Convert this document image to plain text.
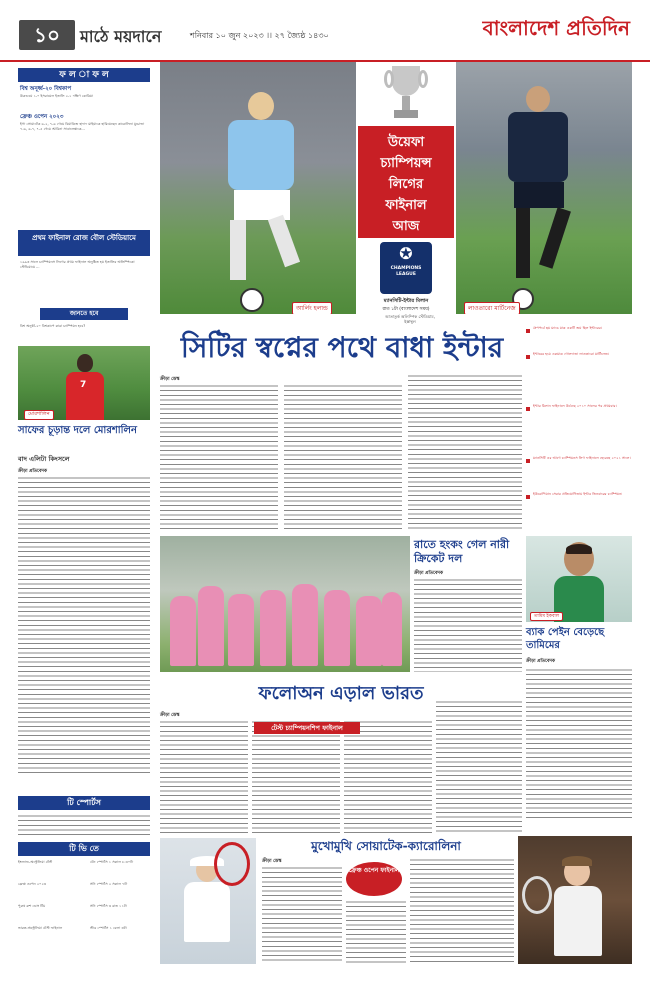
১০	মাঠে ময়দানে	শনিবার ১০ জুন ২০২৩ ।। ২৭ জ্যৈষ্ঠ ১৪৩০	বাংলাদেশ প্রতিদিন
ফ ল া ফ ল
বিশ্ব অনূর্ধ্ব-২০ বিশ্বকাপ
উরুগুয়ে ১-০ ইসরায়েল ইতালি ২-১ দক্ষিণ কোরিয়া
ফ্রেঞ্চ ওপেন ২০২৩
ইগা সোয়াটেক ৬-২, ৭-৬ গেমে বিয়াত্রিজ হাদাদ মাইয়াকে হারিয়েছেন কারোলিনা মুচোভা ৭-৬, ৬-৭, ৭-৫ গেমে আরিনা সাবালেঙ্কাকে...
প্রথম ফাইনাল রোজ বৌল স্টেডিয়ামে
১৯৯৩ সালে চ্যাম্পিয়নস লিগের প্রথম ফাইনাল অনুষ্ঠিত হয় ইতালির অলিম্পিকো স্টেডিয়ামে ...
জানতে হবে
বিশ্ব অনূর্ধ্ব-২০ বিশ্বকাপে কারা চ্যাম্পিয়ন হবে?
7
মোরশালিন
সাফের চূড়ান্ত দলে মোরশালিন
বাদ এলিটা কিংসলে
ক্রীড়া প্রতিবেদক
টি স্পোর্টস
টি ভি তে
ইংল্যান্ড-অস্ট্রেলিয়া টেস্ট	টেন স্পোর্টস ১ সকাল ৮.৩০টা
ফ্রেঞ্চ ওপেন ২০২৩	সনি স্পোর্টস ২ সকাল ৭টা
পুরুষ রুশ ডোং টিম	সনি স্পোর্টস ৩ রাত ১১টা
ভারত-অস্ট্রেলিয়া টেস্ট ফাইনাল	স্টার স্পোর্টস ১ বেলা ৩টা
আর্লিং হলান্ড
উয়েফা
চ্যাম্পিয়ন্স
লিগের
ফাইনাল
আজ
✪
CHAMPIONS LEAGUE
ম্যানসিটি-ইন্টার মিলান
রাত ১টা (বাংলাদেশ সময়)	লাওতারো মার্টিনেজ
আতাতুর্ক অলিম্পিক স্টেডিয়াম, ইস্তাম্বুল
সিটির স্বপ্নের পথে বাধা ইন্টার
ক্রীড়া ডেস্ক
গ্রুপপর্বে ছয় ম্যাচে মাত্র একটি জয় ছিল ইন্টারের।
ইন্টারের হয়ে একমাত্র গোলদাতা লাওতারো মার্টিনেজ।
ইন্টার মিলান ফাইনালে উঠেছে ২০১০ সালের পর প্রথমবার।
ম্যানসিটি এর আগে চ্যাম্পিয়নস লিগ ফাইনালে হেরেছে ২০২১ সালে।
ইউরোপিয়ান সেরার প্রতিযোগিতায় ইন্টার তিনবারের চ্যাম্পিয়ন।
রাতে হংকং গেল নারী ক্রিকেট দল
ক্রীড়া প্রতিবেদক
তামিম ইকবাল
ব্যাক পেইন বেড়েছে তামিমের
ক্রীড়া প্রতিবেদক
ফলোঅন এড়াল ভারত
ক্রীড়া ডেস্ক
টেস্ট চ্যাম্পিয়নশিপ ফাইনাল
মুখোমুখি সোয়াটেক-ক্যারোলিনা
ক্রীড়া ডেস্ক
ফ্রেঞ্চ ওপেন ফাইনাল
